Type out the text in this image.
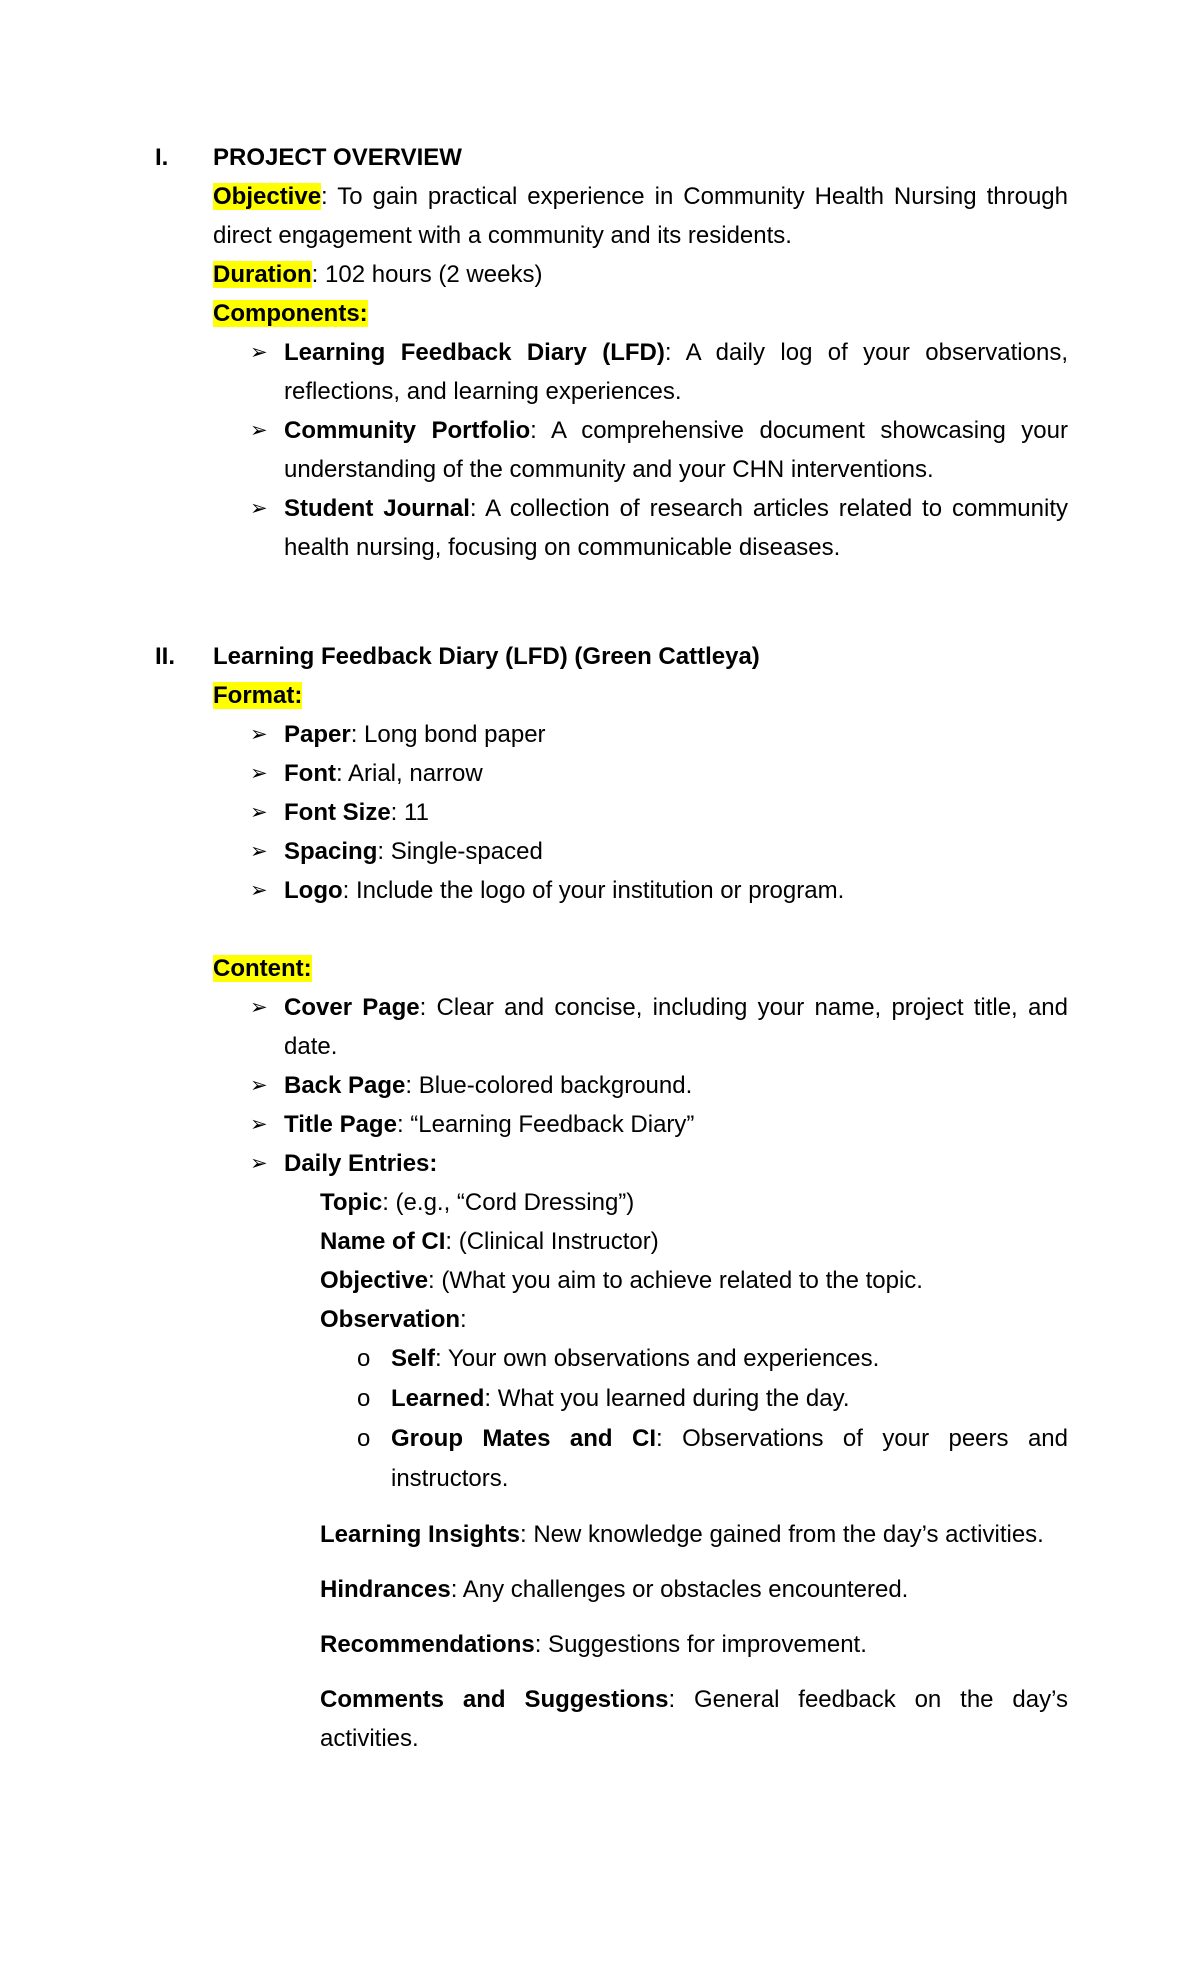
I. PROJECT OVERVIEW
Objective: To gain practical experience in Community Health Nursing through direct engagement with a community and its residents.
Duration: 102 hours (2 weeks)
Components:
➢ Learning Feedback Diary (LFD): A daily log of your observations, reflections, and learning experiences.
➢ Community Portfolio: A comprehensive document showcasing your understanding of the community and your CHN interventions.
➢ Student Journal: A collection of research articles related to community health nursing, focusing on communicable diseases.
II. Learning Feedback Diary (LFD) (Green Cattleya)
Format:
➢ Paper: Long bond paper
➢ Font: Arial, narrow
➢ Font Size: 11
➢ Spacing: Single-spaced
➢ Logo: Include the logo of your institution or program.
Content:
➢ Cover Page: Clear and concise, including your name, project title, and date.
➢ Back Page: Blue-colored background.
➢ Title Page: “Learning Feedback Diary”
➢ Daily Entries:
Topic: (e.g., “Cord Dressing”)
Name of CI: (Clinical Instructor)
Objective: (What you aim to achieve related to the topic.
Observation:
o Self: Your own observations and experiences.
o Learned: What you learned during the day.
o Group Mates and CI: Observations of your peers and instructors.
Learning Insights: New knowledge gained from the day’s activities.
Hindrances: Any challenges or obstacles encountered.
Recommendations: Suggestions for improvement.
Comments and Suggestions: General feedback on the day’s activities.
